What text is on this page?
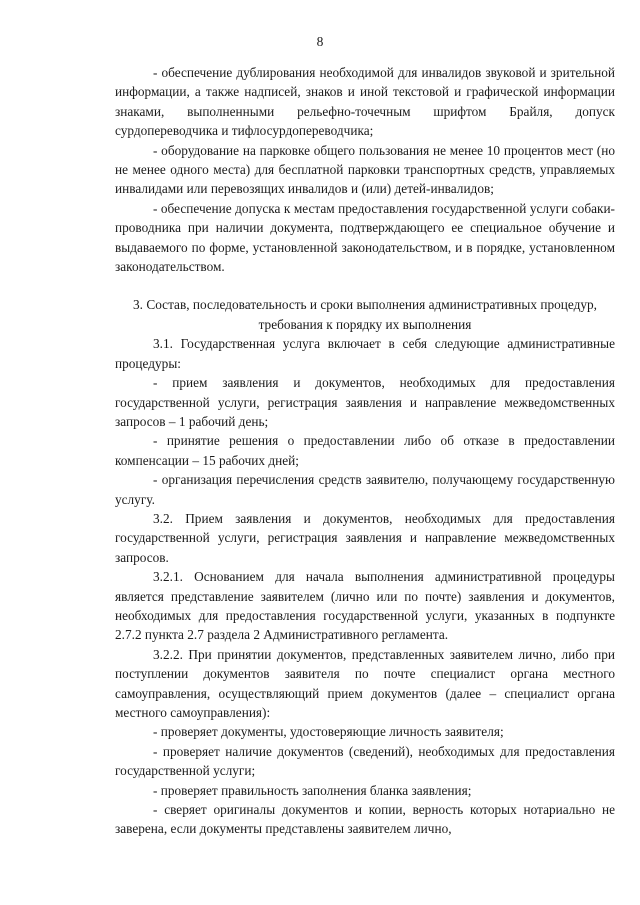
8

- обеспечение дублирования необходимой для инвалидов звуковой и зрительной информации, а также надписей, знаков и иной текстовой и графической информации знаками, выполненными рельефно-точечным шрифтом Брайля, допуск сурдопереводчика и тифлосурдопереводчика;

- оборудование на парковке общего пользования не менее 10 процентов мест (но не менее одного места) для бесплатной парковки транспортных средств, управляемых инвалидами или перевозящих инвалидов и (или) детей-инвалидов;

- обеспечение допуска к местам предоставления государственной услуги собаки-проводника при наличии документа, подтверждающего ее специальное обучение и выдаваемого по форме, установленной законодательством, и в порядке, установленном законодательством.

3. Состав, последовательность и сроки выполнения административных процедур, требования к порядку их выполнения

3.1. Государственная услуга включает в себя следующие административные процедуры:

- прием заявления и документов, необходимых для предоставления государственной услуги, регистрация заявления и направление межведомственных запросов – 1 рабочий день;

- принятие решения о предоставлении либо об отказе в предоставлении компенсации – 15 рабочих дней;

- организация перечисления средств заявителю, получающему государственную услугу.

3.2. Прием заявления и документов, необходимых для предоставления государственной услуги, регистрация заявления и направление межведомственных запросов.

3.2.1. Основанием для начала выполнения административной процедуры является представление заявителем (лично или по почте) заявления и документов, необходимых для предоставления государственной услуги, указанных в подпункте 2.7.2 пункта 2.7 раздела 2 Административного регламента.

3.2.2. При принятии документов, представленных заявителем лично, либо при поступлении документов заявителя по почте специалист органа местного самоуправления, осуществляющий прием документов (далее – специалист органа местного самоуправления):

- проверяет документы, удостоверяющие личность заявителя;

- проверяет наличие документов (сведений), необходимых для предоставления государственной услуги;

- проверяет правильность заполнения бланка заявления;

- сверяет оригиналы документов и копии, верность которых нотариально не заверена, если документы представлены заявителем лично,
